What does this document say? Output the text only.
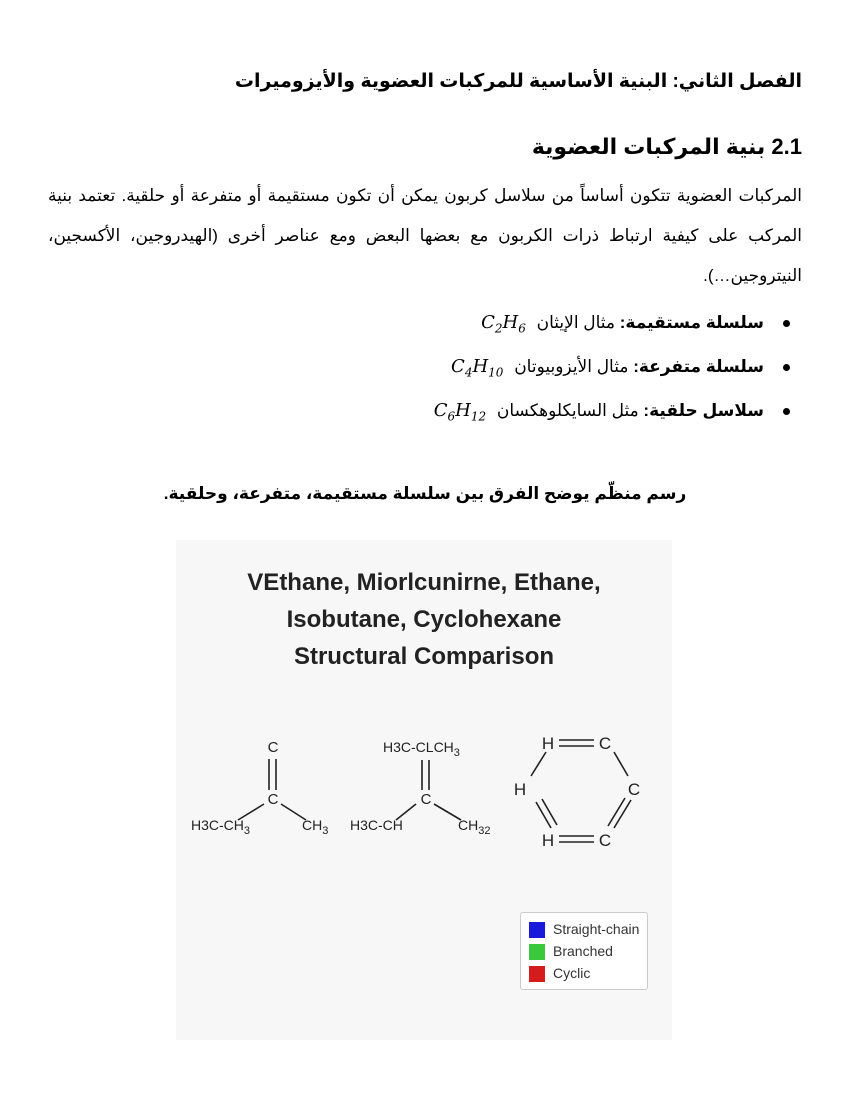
الفصل الثاني: البنية الأساسية للمركبات العضوية والأيزوميرات
2.1 بنية المركبات العضوية
المركبات العضوية تتكون أساساً من سلاسل كربون يمكن أن تكون مستقيمة أو متفرعة أو حلقية. تعتمد بنية المركب على كيفية ارتباط ذرات الكربون مع بعضها البعض ومع عناصر أخرى (الهيدروجين، الأكسجين، النيتروجين…).
سلسلة مستقيمة: مثال الإيثان $C_2H_6$
سلسلة متفرعة: مثال الأيزوبيوتان $C_4H_{10}$
سلاسل حلقية: مثل السايكلوهكسان $C_6H_{12}$
رسم منظّم يوضح الفرق بين سلسلة مستقيمة، متفرعة، وحلقية.
VEthane, Miorlcunirne, Ethane,
Isobutane, Cyclohexane
Structural Comparison
C
C
$H3C-CH_3$	$CH_3$
$H3C-CLCH_3$
C
H3C-CH	$CH_{32}$
H	C
C
C
H
H
Straight-chain
Branched
Cyclic
